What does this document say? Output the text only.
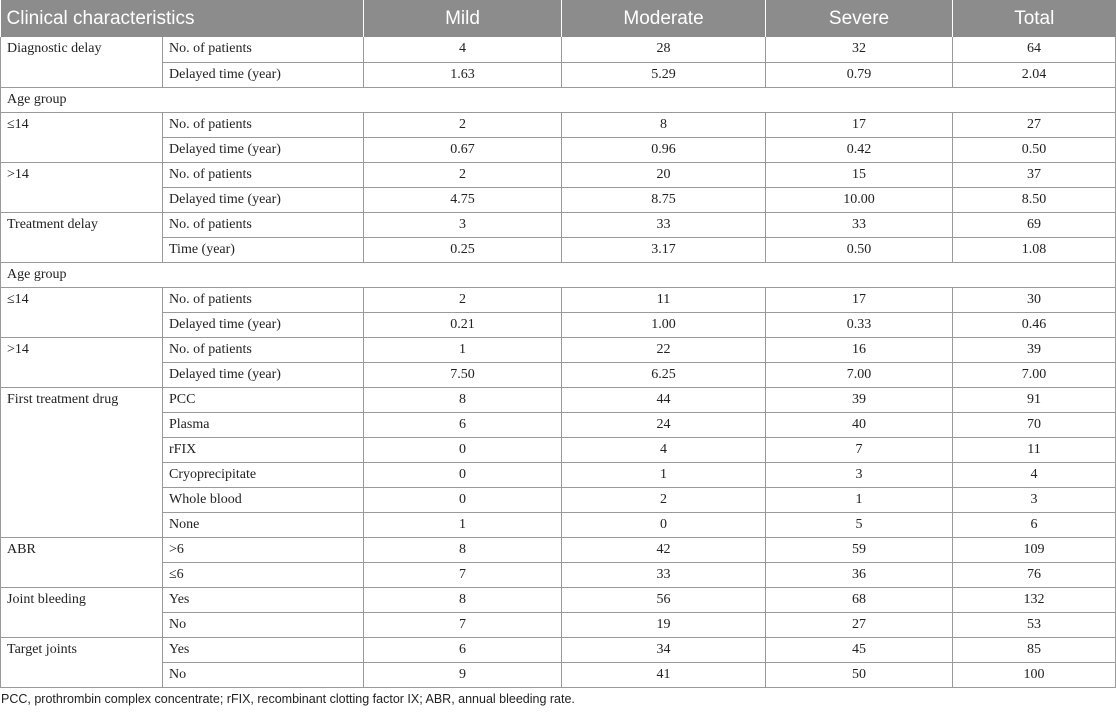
Clinical characteristics		Mild	Moderate	Severe	Total
Diagnostic delay	No. of patients	4	28	32	64
	Delayed time (year)	1.63	5.29	0.79	2.04
Age group					
≤14	No. of patients	2	8	17	27
	Delayed time (year)	0.67	0.96	0.42	0.50
>14	No. of patients	2	20	15	37
	Delayed time (year)	4.75	8.75	10.00	8.50
Treatment delay	No. of patients	3	33	33	69
	Time (year)	0.25	3.17	0.50	1.08
Age group					
≤14	No. of patients	2	11	17	30
	Delayed time (year)	0.21	1.00	0.33	0.46
>14	No. of patients	1	22	16	39
	Delayed time (year)	7.50	6.25	7.00	7.00
First treatment drug	PCC	8	44	39	91
	Plasma	6	24	40	70
	rFIX	0	4	7	11
	Cryoprecipitate	0	1	3	4
	Whole blood	0	2	1	3
	None	1	0	5	6
ABR	>6	8	42	59	109
	≤6	7	33	36	76
Joint bleeding	Yes	8	56	68	132
	No	7	19	27	53
Target joints	Yes	6	34	45	85
	No	9	41	50	100
PCC, prothrombin complex concentrate; rFIX, recombinant clotting factor IX; ABR, annual bleeding rate.
